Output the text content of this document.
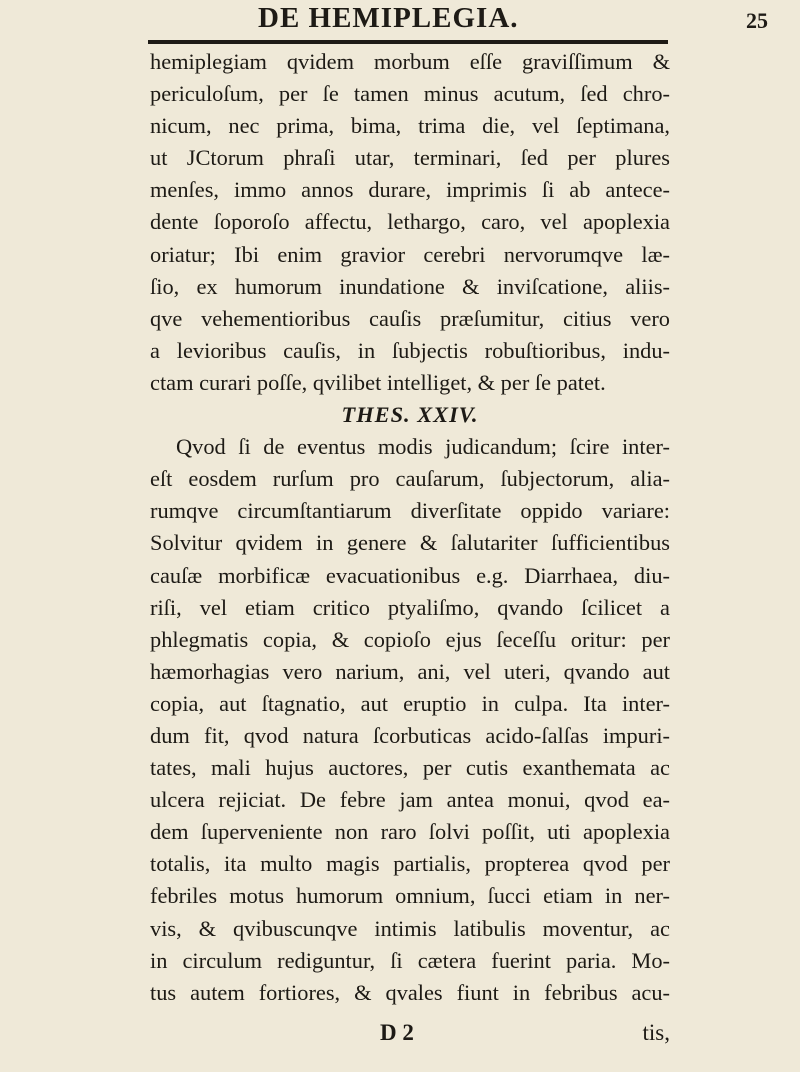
DE HEMIPLEGIA.	25
hemiplegiam qvidem morbum eſſe graviſſimum &
periculoſum, per ſe tamen minus acutum, ſed chro-
nicum, nec prima, bima, trima die, vel ſeptimana,
ut JCtorum phraſi utar, terminari, ſed per plures
menſes, immo annos durare, imprimis ſi ab antece-
dente ſoporoſo affectu, lethargo, caro, vel apoplexia
oriatur; Ibi enim gravior cerebri nervorumqve læ-
ſio, ex humorum inundatione & inviſcatione, aliis-
qve vehementioribus cauſis præſumitur, citius vero
a levioribus cauſis, in ſubjectis robuſtioribus, indu-
ctam curari poſſe, qvilibet intelliget, & per ſe patet.
THES. XXIV.
Qvod ſi de eventus modis judicandum; ſcire inter-
eſt eosdem rurſum pro cauſarum, ſubjectorum, alia-
rumqve circumſtantiarum diverſitate oppido variare:
Solvitur qvidem in genere & ſalutariter ſufficientibus
cauſæ morbificæ evacuationibus e.g. Diarrhaea, diu-
riſi, vel etiam critico ptyaliſmo, qvando ſcilicet a
phlegmatis copia, & copioſo ejus ſeceſſu oritur: per
hæmorhagias vero narium, ani, vel uteri, qvando aut
copia, aut ſtagnatio, aut eruptio in culpa. Ita inter-
dum fit, qvod natura ſcorbuticas acido-ſalſas impuri-
tates, mali hujus auctores, per cutis exanthemata ac
ulcera rejiciat. De febre jam antea monui, qvod ea-
dem ſuperveniente non raro ſolvi poſſit, uti apoplexia
totalis, ita multo magis partialis, propterea qvod per
febriles motus humorum omnium, ſucci etiam in ner-
vis, & qvibuscunqve intimis latibulis moventur, ac
in circulum rediguntur, ſi cætera fuerint paria. Mo-
tus autem fortiores, & qvales fiunt in febribus acu-
D 2	tis,
